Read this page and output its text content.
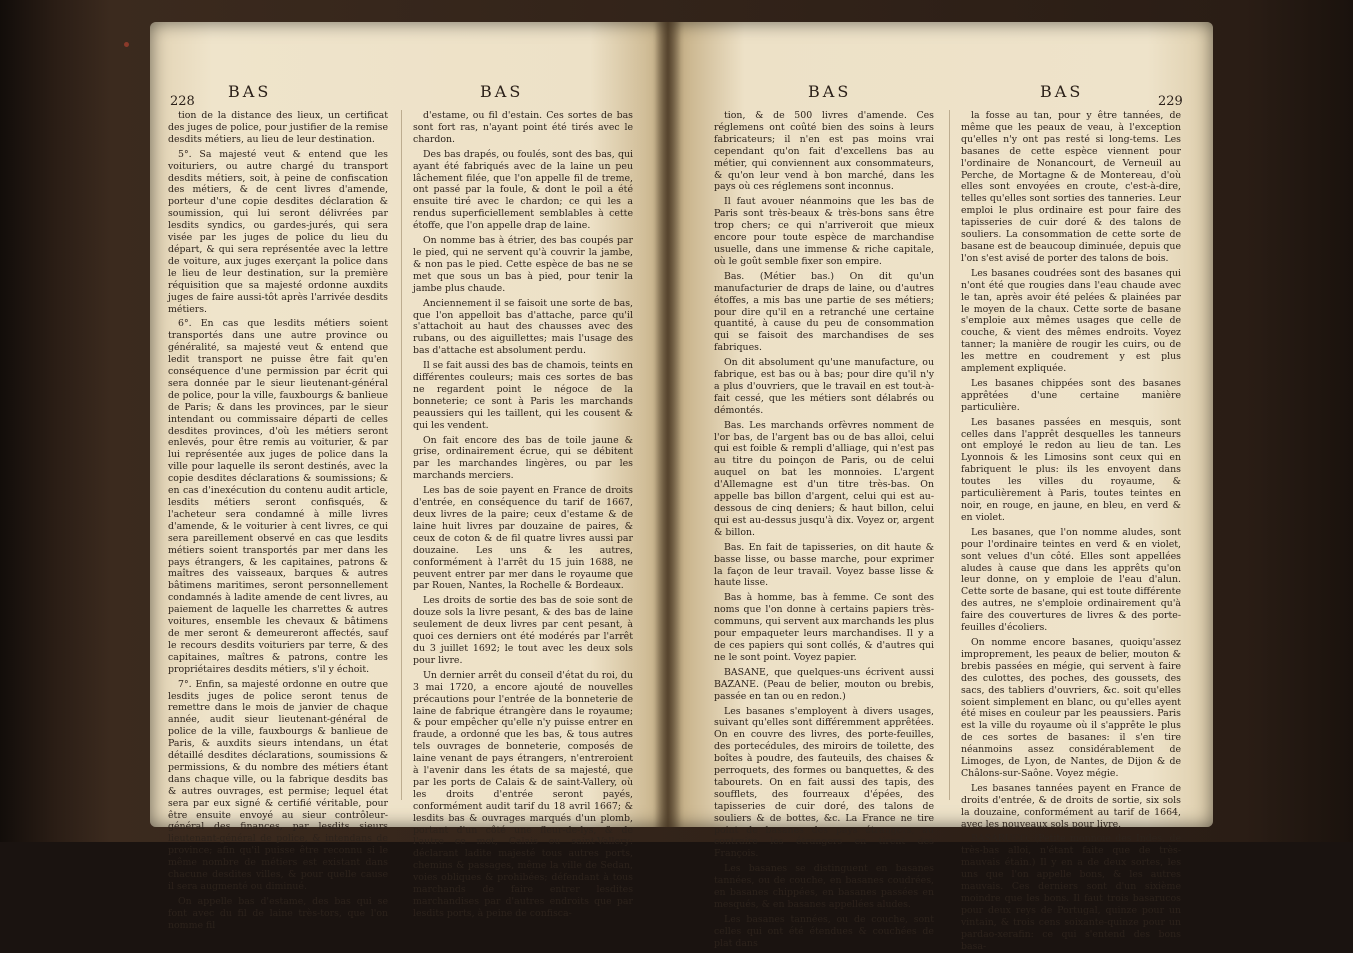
228
BAS	BAS

tion de la distance des lieux, un certificat des juges de police, pour justifier de la remise desdits métiers, au lieu de leur destination.

5°. Sa majesté veut & entend que les voituriers, ou autre chargé du transport desdits métiers, soit, à peine de confiscation des métiers, & de cent livres d'amende, porteur d'une copie desdites déclaration & soumission, qui lui seront délivrées par lesdits syndics, ou gardes-jurés, qui sera visée par les juges de police du lieu du départ, & qui sera représentée avec la lettre de voiture, aux juges exerçant la police dans le lieu de leur destination, sur la première réquisition que sa majesté ordonne auxdits juges de faire aussi-tôt après l'arrivée desdits métiers.

6°. En cas que lesdits métiers soient transportés dans une autre province ou généralité, sa majesté veut & entend que ledit transport ne puisse être fait qu'en conséquence d'une permission par écrit qui sera donnée par le sieur lieutenant-général de police, pour la ville, fauxbourgs & banlieue de Paris; & dans les provinces, par le sieur intendant ou commissaire départi de celles desdites provinces, d'où les métiers seront enlevés, pour être remis au voiturier, & par lui représentée aux juges de police dans la ville pour laquelle ils seront destinés, avec la copie desdites déclarations & soumissions; & en cas d'inexécution du contenu audit article, lesdits métiers seront confisqués, & l'acheteur sera condamné à mille livres d'amende, & le voiturier à cent livres, ce qui sera pareillement observé en cas que lesdits métiers soient transportés par mer dans les pays étrangers, & les capitaines, patrons & maîtres des vaisseaux, barques & autres bâtimens maritimes, seront personnellement condamnés à ladite amende de cent livres, au paiement de laquelle les charrettes & autres voitures, ensemble les chevaux & bâtimens de mer seront & demeureront affectés, sauf le recours desdits voituriers par terre, & des capitaines, maîtres & patrons, contre les propriétaires desdits métiers, s'il y échoit.

7°. Enfin, sa majesté ordonne en outre que lesdits juges de police seront tenus de remettre dans le mois de janvier de chaque année, audit sieur lieutenant-général de police de la ville, fauxbourgs & banlieue de Paris, & auxdits sieurs intendans, un état détaillé desdites déclarations, soumissions & permissions, & du nombre des métiers étant dans chaque ville, ou la fabrique desdits bas & autres ouvrages, est permise; lequel état sera par eux signé & certifié véritable, pour être ensuite envoyé au sieur contrôleur-général des finances, par lesdits sieurs lieutenant-général de police, & intendans de province; afin qu'il puisse être reconnu si le même nombre de métiers est existant dans chacune desdites villes, & pour quelle cause il sera augmenté ou diminué.

On appelle bas d'estame, des bas qui se font avec du fil de laine très-tors, que l'on nomme fil

d'estame, ou fil d'estain. Ces sortes de bas sont fort ras, n'ayant point été tirés avec le chardon.

Des bas drapés, ou foulés, sont des bas, qui ayant été fabriqués avec de la laine un peu lâchement filée, que l'on appelle fil de treme, ont passé par la foule, & dont le poil a été ensuite tiré avec le chardon; ce qui les a rendus superficiellement semblables à cette étoffe, que l'on appelle drap de laine.

On nomme bas à étrier, des bas coupés par le pied, qui ne servent qu'à couvrir la jambe, & non pas le pied. Cette espèce de bas ne se met que sous un bas à pied, pour tenir la jambe plus chaude.

Anciennement il se faisoit une sorte de bas, que l'on appelloit bas d'attache, parce qu'il s'attachoit au haut des chausses avec des rubans, ou des aiguillettes; mais l'usage des bas d'attache est absolument perdu.

Il se fait aussi des bas de chamois, teints en différentes couleurs; mais ces sortes de bas ne regardent point le négoce de la bonneterie; ce sont à Paris les marchands peaussiers qui les taillent, qui les cousent & qui les vendent.

On fait encore des bas de toile jaune & grise, ordinairement écrue, qui se débitent par les marchandes lingères, ou par les marchands merciers.

Les bas de soie payent en France de droits d'entrée, en conséquence du tarif de 1667, deux livres de la paire; ceux d'estame & de laine huit livres par douzaine de paires, & ceux de coton & de fil quatre livres aussi par douzaine. Les uns & les autres, conformément à l'arrêt du 15 juin 1688, ne peuvent entrer par mer dans le royaume que par Rouen, Nantes, la Rochelle & Bordeaux.

Les droits de sortie des bas de soie sont de douze sols la livre pesant, & des bas de laine seulement de deux livres par cent pesant, à quoi ces derniers ont été modérés par l'arrêt du 3 juillet 1692; le tout avec les deux sols pour livre.

Un dernier arrêt du conseil d'état du roi, du 3 mai 1720, a encore ajouté de nouvelles précautions pour l'entrée de la bonneterie de laine de fabrique étrangère dans le royaume; & pour empêcher qu'elle n'y puisse entrer en fraude, a ordonné que les bas, & tous autres tels ouvrages de bonneterie, composés de laine venant de pays étrangers, n'entreroient à l'avenir dans les états de sa majesté, que par les ports de Calais & de saint-Vallery, où les droits d'entrée seront payés, conformément audit tarif du 18 avril 1667; & lesdits bas & ouvrages marqués d'un plomb, portant d'un côté une fleur-de-lys, & de l'autre ce mot, Calais ou saint-Vallery: déclarant ladite majesté tous autres ports, chemins & passages, même la ville de Sedan, voies obliques & prohibées; défendant à tous marchands de faire entrer lesdites marchandises par d'autres endroits que par lesdits ports, à peine de confisca-

BAS	BAS
229

tion, & de 500 livres d'amende. Ces réglemens ont coûté bien des soins à leurs fabricateurs; il n'en est pas moins vrai cependant qu'on fait d'excellens bas au métier, qui conviennent aux consommateurs, & qu'on leur vend à bon marché, dans les pays où ces réglemens sont inconnus.

Il faut avouer néanmoins que les bas de Paris sont très-beaux & très-bons sans être trop chers; ce qui n'arriveroit que mieux encore pour toute espèce de marchandise usuelle, dans une immense & riche capitale, où le goût semble fixer son empire.

Bas. (Métier bas.) On dit qu'un manufacturier de draps de laine, ou d'autres étoffes, a mis bas une partie de ses métiers; pour dire qu'il en a retranché une certaine quantité, à cause du peu de consommation qui se faisoit des marchandises de ses fabriques.

On dit absolument qu'une manufacture, ou fabrique, est bas ou à bas; pour dire qu'il n'y a plus d'ouvriers, que le travail en est tout-à-fait cessé, que les métiers sont délabrés ou démontés.

Bas. Les marchands orfèvres nomment de l'or bas, de l'argent bas ou de bas alloi, celui qui est foible & rempli d'alliage, qui n'est pas au titre du poinçon de Paris, ou de celui auquel on bat les monnoies. L'argent d'Allemagne est d'un titre très-bas. On appelle bas billon d'argent, celui qui est au-dessous de cinq deniers; & haut billon, celui qui est au-dessus jusqu'à dix. Voyez or, argent & billon.

Bas. En fait de tapisseries, on dit haute & basse lisse, ou basse marche, pour exprimer la façon de leur travail. Voyez basse lisse & haute lisse.

Bas à homme, bas à femme. Ce sont des noms que l'on donne à certains papiers très-communs, qui servent aux marchands les plus pour empaqueter leurs marchandises. Il y a de ces papiers qui sont collés, & d'autres qui ne le sont point. Voyez papier.

BASANE, que quelques-uns écrivent aussi BAZANE. (Peau de belier, mouton ou brebis, passée en tan ou en redon.)

Les basanes s'employent à divers usages, suivant qu'elles sont différemment apprêtées. On en couvre des livres, des porte-feuilles, des portecédules, des miroirs de toilette, des boîtes à poudre, des fauteuils, des chaises & perroquets, des formes ou banquettes, & des tabourets. On en fait aussi des tapis, des soufflets, des fourreaux d'épées, des tapisseries de cuir doré, des talons de souliers & de bottes, &c. La France ne tire point de basanes des pays étrangers, au contraire les étrangers en tirent des François.

Les basanes se distinguent en basanes tannées, ou de couche, en basanes coudrées, en basanes chippées, en basanes passées en mesqués, & en basanes appellées aludes.

Les basanes tannées, ou de couche, sont celles qui ont été étendues & couchées de plat dans

la fosse au tan, pour y être tannées, de même que les peaux de veau, à l'exception qu'elles n'y ont pas resté si long-tems. Les basanes de cette espèce viennent pour l'ordinaire de Nonancourt, de Verneuil au Perche, de Mortagne & de Montereau, d'où elles sont envoyées en croute, c'est-à-dire, telles qu'elles sont sorties des tanneries. Leur emploi le plus ordinaire est pour faire des tapisseries de cuir doré & des talons de souliers. La consommation de cette sorte de basane est de beaucoup diminuée, depuis que l'on s'est avisé de porter des talons de bois.

Les basanes coudrées sont des basanes qui n'ont été que rougies dans l'eau chaude avec le tan, après avoir été pelées & plainées par le moyen de la chaux. Cette sorte de basane s'emploie aux mêmes usages que celle de couche, & vient des mêmes endroits. Voyez tanner; la manière de rougir les cuirs, ou de les mettre en coudrement y est plus amplement expliquée.

Les basanes chippées sont des basanes apprêtées d'une certaine manière particulière.

Les basanes passées en mesquis, sont celles dans l'apprêt desquelles les tanneurs ont employé le redon au lieu de tan. Les Lyonnois & les Limosins sont ceux qui en fabriquent le plus: ils les envoyent dans toutes les villes du royaume, & particulièrement à Paris, toutes teintes en noir, en rouge, en jaune, en bleu, en verd & en violet.

Les basanes, que l'on nomme aludes, sont pour l'ordinaire teintes en verd & en violet, sont velues d'un côté. Elles sont appellées aludes à cause que dans les apprêts qu'on leur donne, on y emploie de l'eau d'alun. Cette sorte de basane, qui est toute différente des autres, ne s'emploie ordinairement qu'à faire des couvertures de livres & des porte-feuilles d'écoliers.

On nomme encore basanes, quoiqu'assez improprement, les peaux de belier, mouton & brebis passées en mégie, qui servent à faire des culottes, des poches, des goussets, des sacs, des tabliers d'ouvriers, &c. soit qu'elles soient simplement en blanc, ou qu'elles ayent été mises en couleur par les peaussiers. Paris est la ville du royaume où il s'apprête le plus de ces sortes de basanes: il s'en tire néanmoins assez considérablement de Limoges, de Lyon, de Nantes, de Dijon & de Châlons-sur-Saône. Voyez mégie.

Les basanes tannées payent en France de droits d'entrée, & de droits de sortie, six sols la douzaine, conformément au tarif de 1664, avec les nouveaux sols pour livre.

BASARUCO. (Petite monnoie des Indes, de très-bas alloi, n'étant faite que de très-mauvais étain.) Il y en a de deux sortes, les uns que l'on appelle bons, & les autres mauvais. Ces derniers sont d'un sixième moindre que les bons. Il faut trois basarucos pour deux reys de Portugal, quinze pour un vintain, & trois cens soixante-quinze pour un pardao-xerafin: ce qui s'entend des bons basa-
